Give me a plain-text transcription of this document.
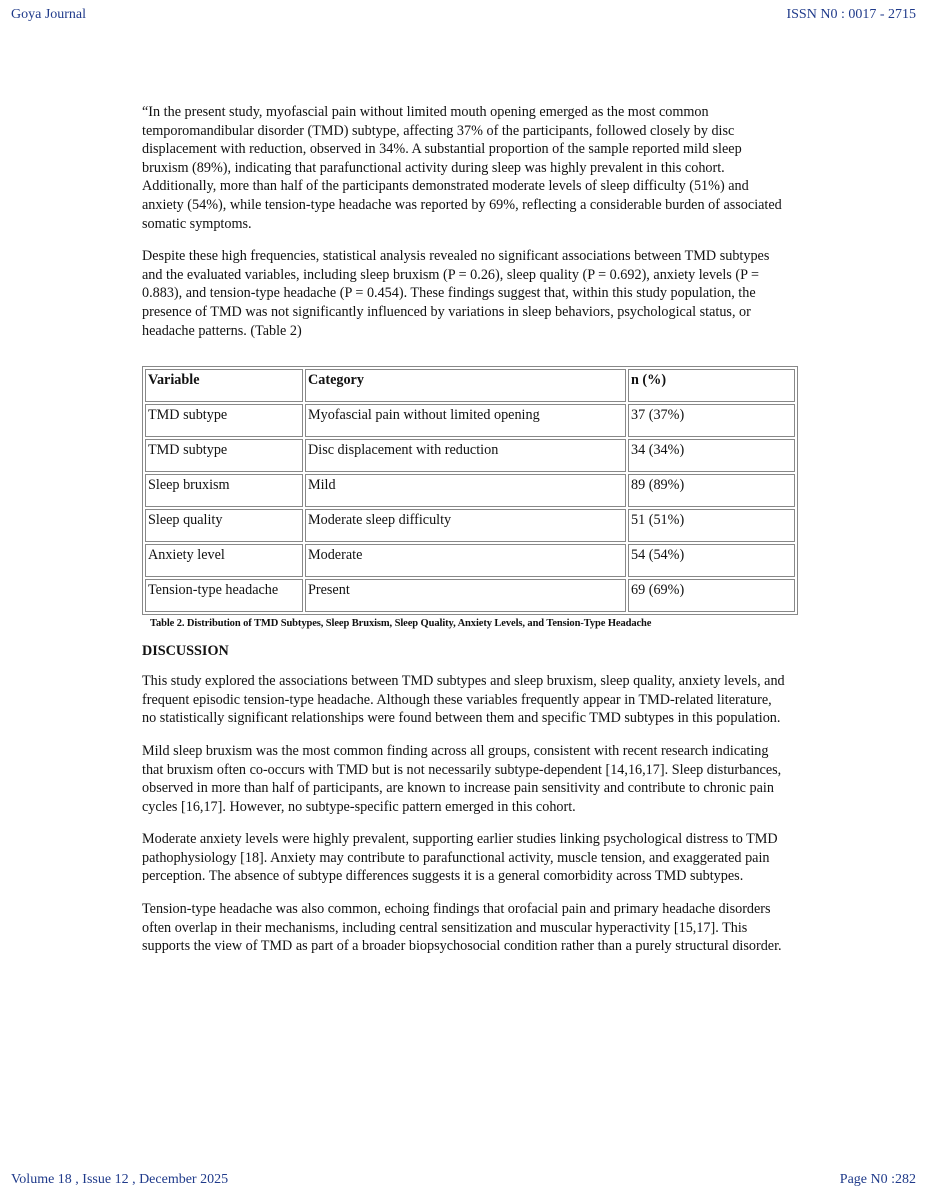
Goya Journal	ISSN N0 : 0017 - 2715

“In the present study, myofascial pain without limited mouth opening emerged as the most common temporomandibular disorder (TMD) subtype, affecting 37% of the participants, followed closely by disc displacement with reduction, observed in 34%. A substantial proportion of the sample reported mild sleep bruxism (89%), indicating that parafunctional activity during sleep was highly prevalent in this cohort. Additionally, more than half of the participants demonstrated moderate levels of sleep difficulty (51%) and anxiety (54%), while tension-type headache was reported by 69%, reflecting a considerable burden of associated somatic symptoms.

Despite these high frequencies, statistical analysis revealed no significant associations between TMD subtypes and the evaluated variables, including sleep bruxism (P = 0.26), sleep quality (P = 0.692), anxiety levels (P = 0.883), and tension-type headache (P = 0.454). These findings suggest that, within this study population, the presence of TMD was not significantly influenced by variations in sleep behaviors, psychological status, or headache patterns. (Table 2)

Variable	Category	n (%)
TMD subtype	Myofascial pain without limited opening	37 (37%)
TMD subtype	Disc displacement with reduction	34 (34%)
Sleep bruxism	Mild	89 (89%)
Sleep quality	Moderate sleep difficulty	51 (51%)
Anxiety level	Moderate	54 (54%)
Tension-type headache	Present	69 (69%)
Table 2. Distribution of TMD Subtypes, Sleep Bruxism, Sleep Quality, Anxiety Levels, and Tension-Type Headache
DISCUSSION

This study explored the associations between TMD subtypes and sleep bruxism, sleep quality, anxiety levels, and frequent episodic tension-type headache. Although these variables frequently appear in TMD-related literature, no statistically significant relationships were found between them and specific TMD subtypes in this population.

Mild sleep bruxism was the most common finding across all groups, consistent with recent research indicating that bruxism often co-occurs with TMD but is not necessarily subtype-dependent [14,16,17]. Sleep disturbances, observed in more than half of participants, are known to increase pain sensitivity and contribute to chronic pain cycles [16,17]. However, no subtype-specific pattern emerged in this cohort.

Moderate anxiety levels were highly prevalent, supporting earlier studies linking psychological distress to TMD pathophysiology [18]. Anxiety may contribute to parafunctional activity, muscle tension, and exaggerated pain perception. The absence of subtype differences suggests it is a general comorbidity across TMD subtypes.

Tension-type headache was also common, echoing findings that orofacial pain and primary headache disorders often overlap in their mechanisms, including central sensitization and muscular hyperactivity [15,17]. This supports the view of TMD as part of a broader biopsychosocial condition rather than a purely structural disorder.

Volume 18 , Issue 12 , December 2025	Page N0 :282
